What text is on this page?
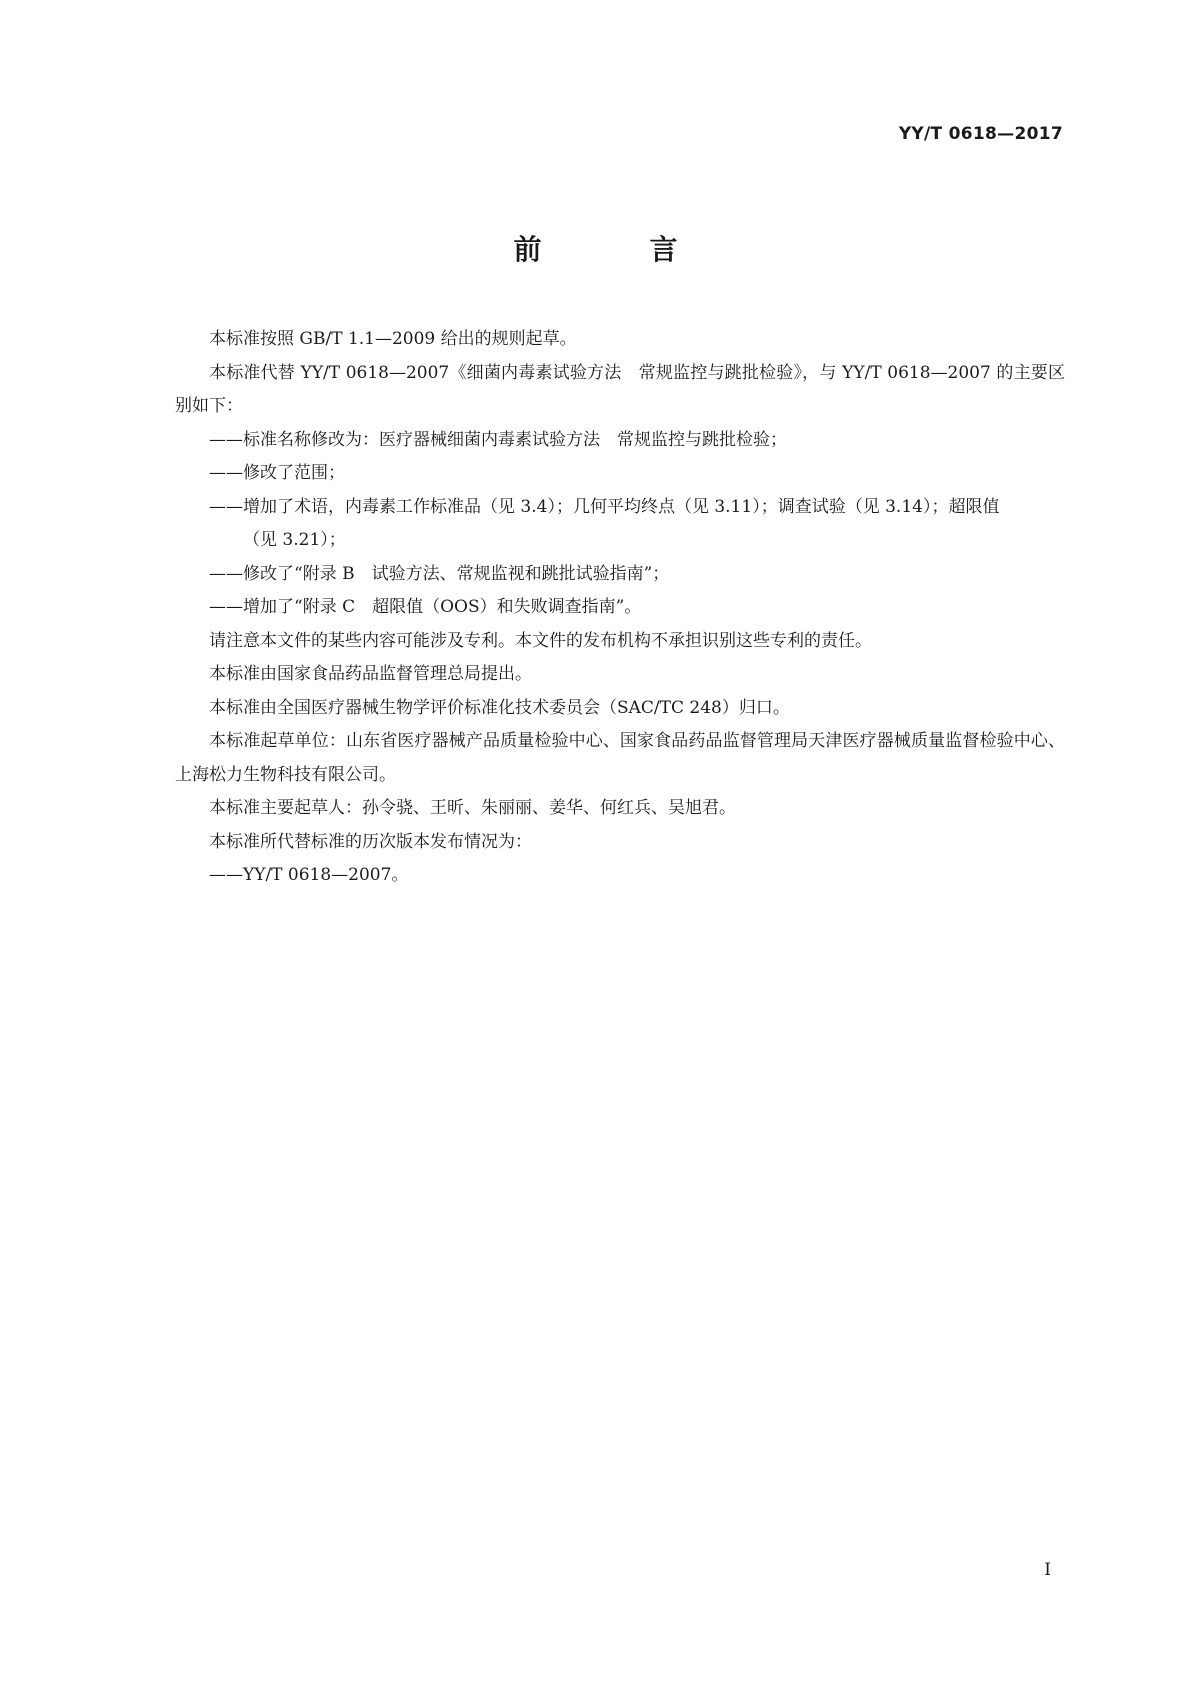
YY/T 0618—2017
前　言

本标准按照 GB/T 1.1—2009 给出的规则起草。

本标准代替 YY/T 0618—2007《细菌内毒素试验方法　常规监控与跳批检验》，与 YY/T 0618—2007 的主要区别如下：

——标准名称修改为：医疗器械细菌内毒素试验方法　常规监控与跳批检验；

——修改了范围；

——增加了术语，内毒素工作标准品（见 3.4）；几何平均终点（见 3.11）；调查试验（见 3.14）；超限值
（见 3.21）；

——修改了“附录 B　试验方法、常规监视和跳批试验指南”；

——增加了“附录 C　超限值（OOS）和失败调查指南”。

请注意本文件的某些内容可能涉及专利。本文件的发布机构不承担识别这些专利的责任。

本标准由国家食品药品监督管理总局提出。

本标准由全国医疗器械生物学评价标准化技术委员会（SAC/TC 248）归口。

本标准起草单位：山东省医疗器械产品质量检验中心、国家食品药品监督管理局天津医疗器械质量监督检验中心、上海松力生物科技有限公司。

本标准主要起草人：孙令骁、王昕、朱丽丽、姜华、何红兵、吴旭君。

本标准所代替标准的历次版本发布情况为：

——YY/T 0618—2007。

I
